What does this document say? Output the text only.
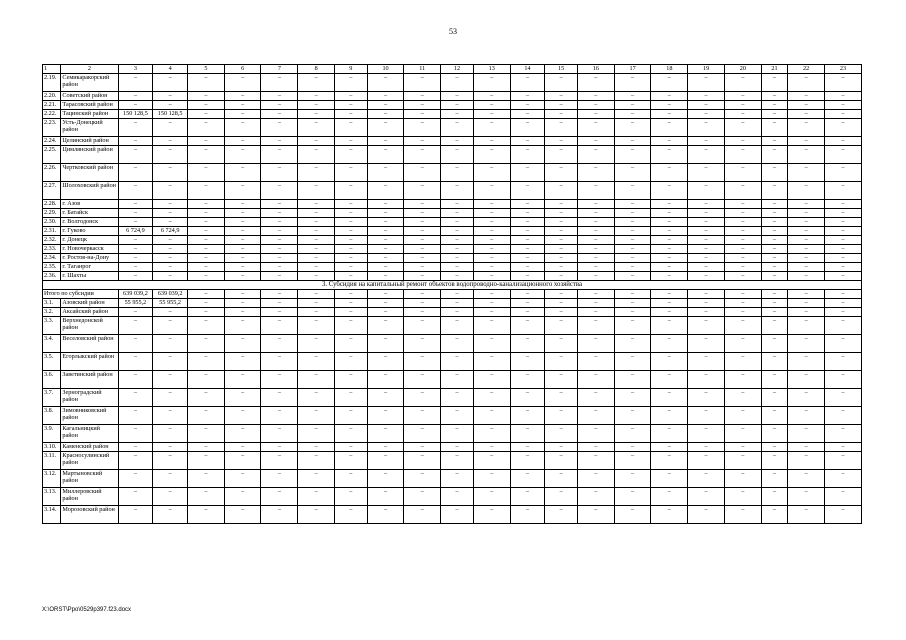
53
1	2	3	4	5	6	7	8	9	10	11	12	13	14	15	16	17	18	19	20	21	22	23
2.19.	Семикаракорский район	–	–	–	–	–	–	–	–	–	–	–	–	–	–	–	–	–	–	–	–	–
2.20.	Советский район	–	–	–	–	–	–	–	–	–	–	–	–	–	–	–	–	–	–	–	–	–
2.21.	Тарасовский район	–	–	–	–	–	–	–	–	–	–	–	–	–	–	–	–	–	–	–	–	–
2.22.	Тацинский район	150 128,5	150 128,5	–	–	–	–	–	–	–	–	–	–	–	–	–	–	–	–	–	–	–
2.23.	Усть-Донецкий район	–	–	–	–	–	–	–	–	–	–	–	–	–	–	–	–	–	–	–	–	–
2.24.	Целинский район	–	–	–	–	–	–	–	–	–	–	–	–	–	–	–	–	–	–	–	–	–
2.25.	Цимлянский район	–	–	–	–	–	–	–	–	–	–	–	–	–	–	–	–	–	–	–	–	–
2.26.	Чертковский район	–	–	–	–	–	–	–	–	–	–	–	–	–	–	–	–	–	–	–	–	–
2.27.	Шолоховский район	–	–	–	–	–	–	–	–	–	–	–	–	–	–	–	–	–	–	–	–	–
2.28.	г. Азов	–	–	–	–	–	–	–	–	–	–	–	–	–	–	–	–	–	–	–	–	–
2.29.	г. Батайск	–	–	–	–	–	–	–	–	–	–	–	–	–	–	–	–	–	–	–	–	–
2.30.	г. Волгодонск	–	–	–	–	–	–	–	–	–	–	–	–	–	–	–	–	–	–	–	–	–
2.31.	г. Гуково	6 724,9	6 724,9	–	–	–	–	–	–	–	–	–	–	–	–	–	–	–	–	–	–	–
2.32.	г. Донецк	–	–	–	–	–	–	–	–	–	–	–	–	–	–	–	–	–	–	–	–	–
2.33.	г. Новочеркасск	–	–	–	–	–	–	–	–	–	–	–	–	–	–	–	–	–	–	–	–	–
2.34.	г. Ростов-на-Дону	–	–	–	–	–	–	–	–	–	–	–	–	–	–	–	–	–	–	–	–	–
2.35.	г. Таганрог	–	–	–	–	–	–	–	–	–	–	–	–	–	–	–	–	–	–	–	–	–
2.36.	г. Шахты	–	–	–	–	–	–	–	–	–	–	–	–	–	–	–	–	–	–	–	–	–
3. Субсидия на капитальный ремонт объектов водопроводно-канализационного хозяйства																						
Итого по субсидии		639 039,2	639 039,2	–	–	–	–	–	–	–	–	–	–	–	–	–	–	–	–	–	–	–
3.1.	Азовский район	55 955,2	55 955,2	–	–	–	–	–	–	–	–	–	–	–	–	–	–	–	–	–	–	–
3.2.	Аксайский район	–	–	–	–	–	–	–	–	–	–	–	–	–	–	–	–	–	–	–	–	–
3.3.	Верхнедонской район	–	–	–	–	–	–	–	–	–	–	–	–	–	–	–	–	–	–	–	–	–
3.4.	Веселовский район	–	–	–	–	–	–	–	–	–	–	–	–	–	–	–	–	–	–	–	–	–
3.5.	Егорлыкский район	–	–	–	–	–	–	–	–	–	–	–	–	–	–	–	–	–	–	–	–	–
3.6.	Заветинский район	–	–	–	–	–	–	–	–	–	–	–	–	–	–	–	–	–	–	–	–	–
3.7.	Зерноградский район	–	–	–	–	–	–	–	–	–	–	–	–	–	–	–	–	–	–	–	–	–
3.8.	Зимовниковский район	–	–	–	–	–	–	–	–	–	–	–	–	–	–	–	–	–	–	–	–	–
3.9.	Кагальницкий район	–	–	–	–	–	–	–	–	–	–	–	–	–	–	–	–	–	–	–	–	–
3.10.	Каменский район	–	–	–	–	–	–	–	–	–	–	–	–	–	–	–	–	–	–	–	–	–
3.11.	Красносулинский район	–	–	–	–	–	–	–	–	–	–	–	–	–	–	–	–	–	–	–	–	–
3.12.	Мартыновский район	–	–	–	–	–	–	–	–	–	–	–	–	–	–	–	–	–	–	–	–	–
3.13.	Миллеровский район	–	–	–	–	–	–	–	–	–	–	–	–	–	–	–	–	–	–	–	–	–
3.14.	Морозовский район	–	–	–	–	–	–	–	–	–	–	–	–	–	–	–	–	–	–	–	–	–
X:\ORST\Ppo\0529p397.f23.docx
